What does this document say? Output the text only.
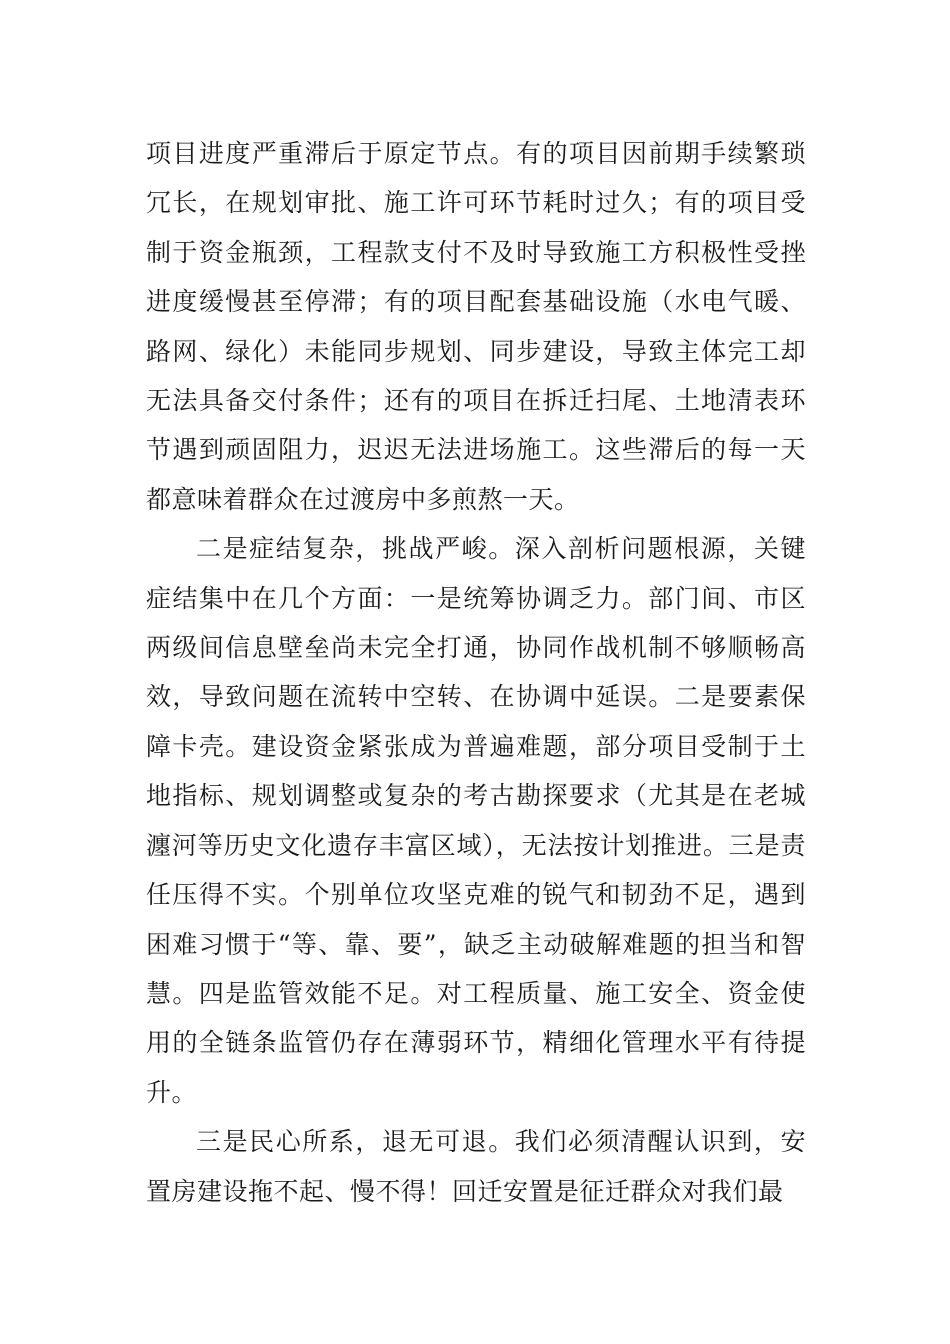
项目进度严重滞后于原定节点。有的项目因前期手续繁琐冗长，在规划审批、施工许可环节耗时过久；有的项目受制于资金瓶颈，工程款支付不及时导致施工方积极性受挫进度缓慢甚至停滞；有的项目配套基础设施（水电气暖、路网、绿化）未能同步规划、同步建设，导致主体完工却无法具备交付条件；还有的项目在拆迁扫尾、土地清表环节遇到顽固阻力，迟迟无法进场施工。这些滞后的每一天都意味着群众在过渡房中多煎熬一天。

二是症结复杂，挑战严峻。深入剖析问题根源，关键症结集中在几个方面：一是统筹协调乏力。部门间、市区两级间信息壁垒尚未完全打通，协同作战机制不够顺畅高效，导致问题在流转中空转、在协调中延误。二是要素保障卡壳。建设资金紧张成为普遍难题，部分项目受制于土地指标、规划调整或复杂的考古勘探要求（尤其是在老城瀍河等历史文化遗存丰富区域），无法按计划推进。三是责任压得不实。个别单位攻坚克难的锐气和韧劲不足，遇到困难习惯于“等、靠、要”，缺乏主动破解难题的担当和智慧。四是监管效能不足。对工程质量、施工安全、资金使用的全链条监管仍存在薄弱环节，精细化管理水平有待提升。

三是民心所系，退无可退。我们必须清醒认识到，安置房建设拖不起、慢不得！回迁安置是征迁群众对我们最
